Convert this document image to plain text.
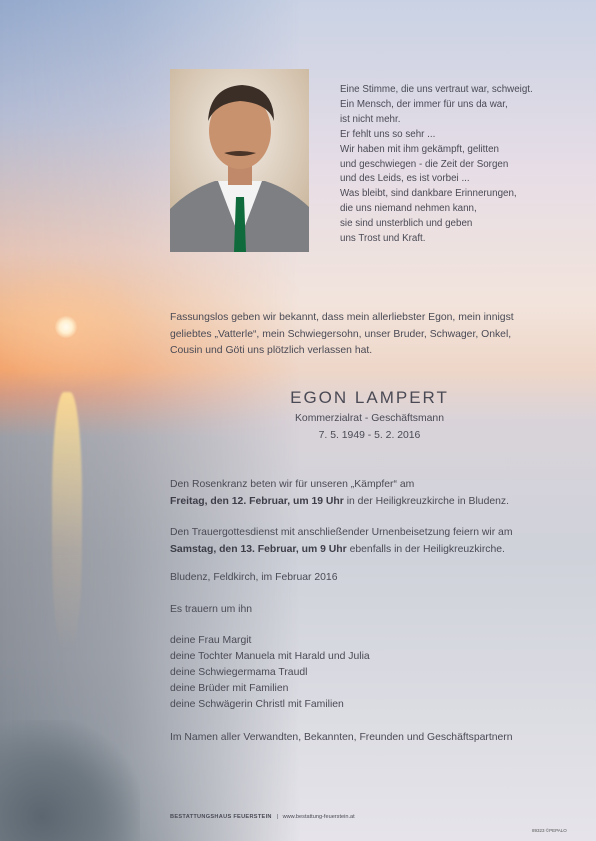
Eine Stimme, die uns vertraut war, schweigt.
Ein Mensch, der immer für uns da war,
ist nicht mehr.
Er fehlt uns so sehr ...
Wir haben mit ihm gekämpft, gelitten
und geschwiegen - die Zeit der Sorgen
und des Leids, es ist vorbei ...
Was bleibt, sind dankbare Erinnerungen,
die uns niemand nehmen kann,
sie sind unsterblich und geben
uns Trost und Kraft.
Fassungslos geben wir bekannt, dass mein allerliebster Egon, mein innigst
geliebtes „Vatterle“, mein Schwiegersohn, unser Bruder, Schwager, Onkel,
Cousin und Göti uns plötzlich verlassen hat.
EGON LAMPERT
Kommerzialrat - Geschäftsmann
7. 5. 1949 - 5. 2. 2016
Den Rosenkranz beten wir für unseren „Kämpfer“ am
Freitag, den 12. Februar, um 19 Uhr in der Heiligkreuzkirche in Bludenz.
Den Trauergottesdienst mit anschließender Urnenbeisetzung feiern wir am
Samstag, den 13. Februar, um 9 Uhr ebenfalls in der Heiligkreuzkirche.
Bludenz, Feldkirch, im Februar 2016
Es trauern um ihn
deine Frau Margit
deine Tochter Manuela mit Harald und Julia
deine Schwiegermama Traudl
deine Brüder mit Familien
deine Schwägerin Christl mit Familien
Im Namen aller Verwandten, Bekannten, Freunden und Geschäftspartnern
BESTATTUNGSHAUS FEUERSTEIN | www.bestattung-feuerstein.at
89323 ©PEPALO
